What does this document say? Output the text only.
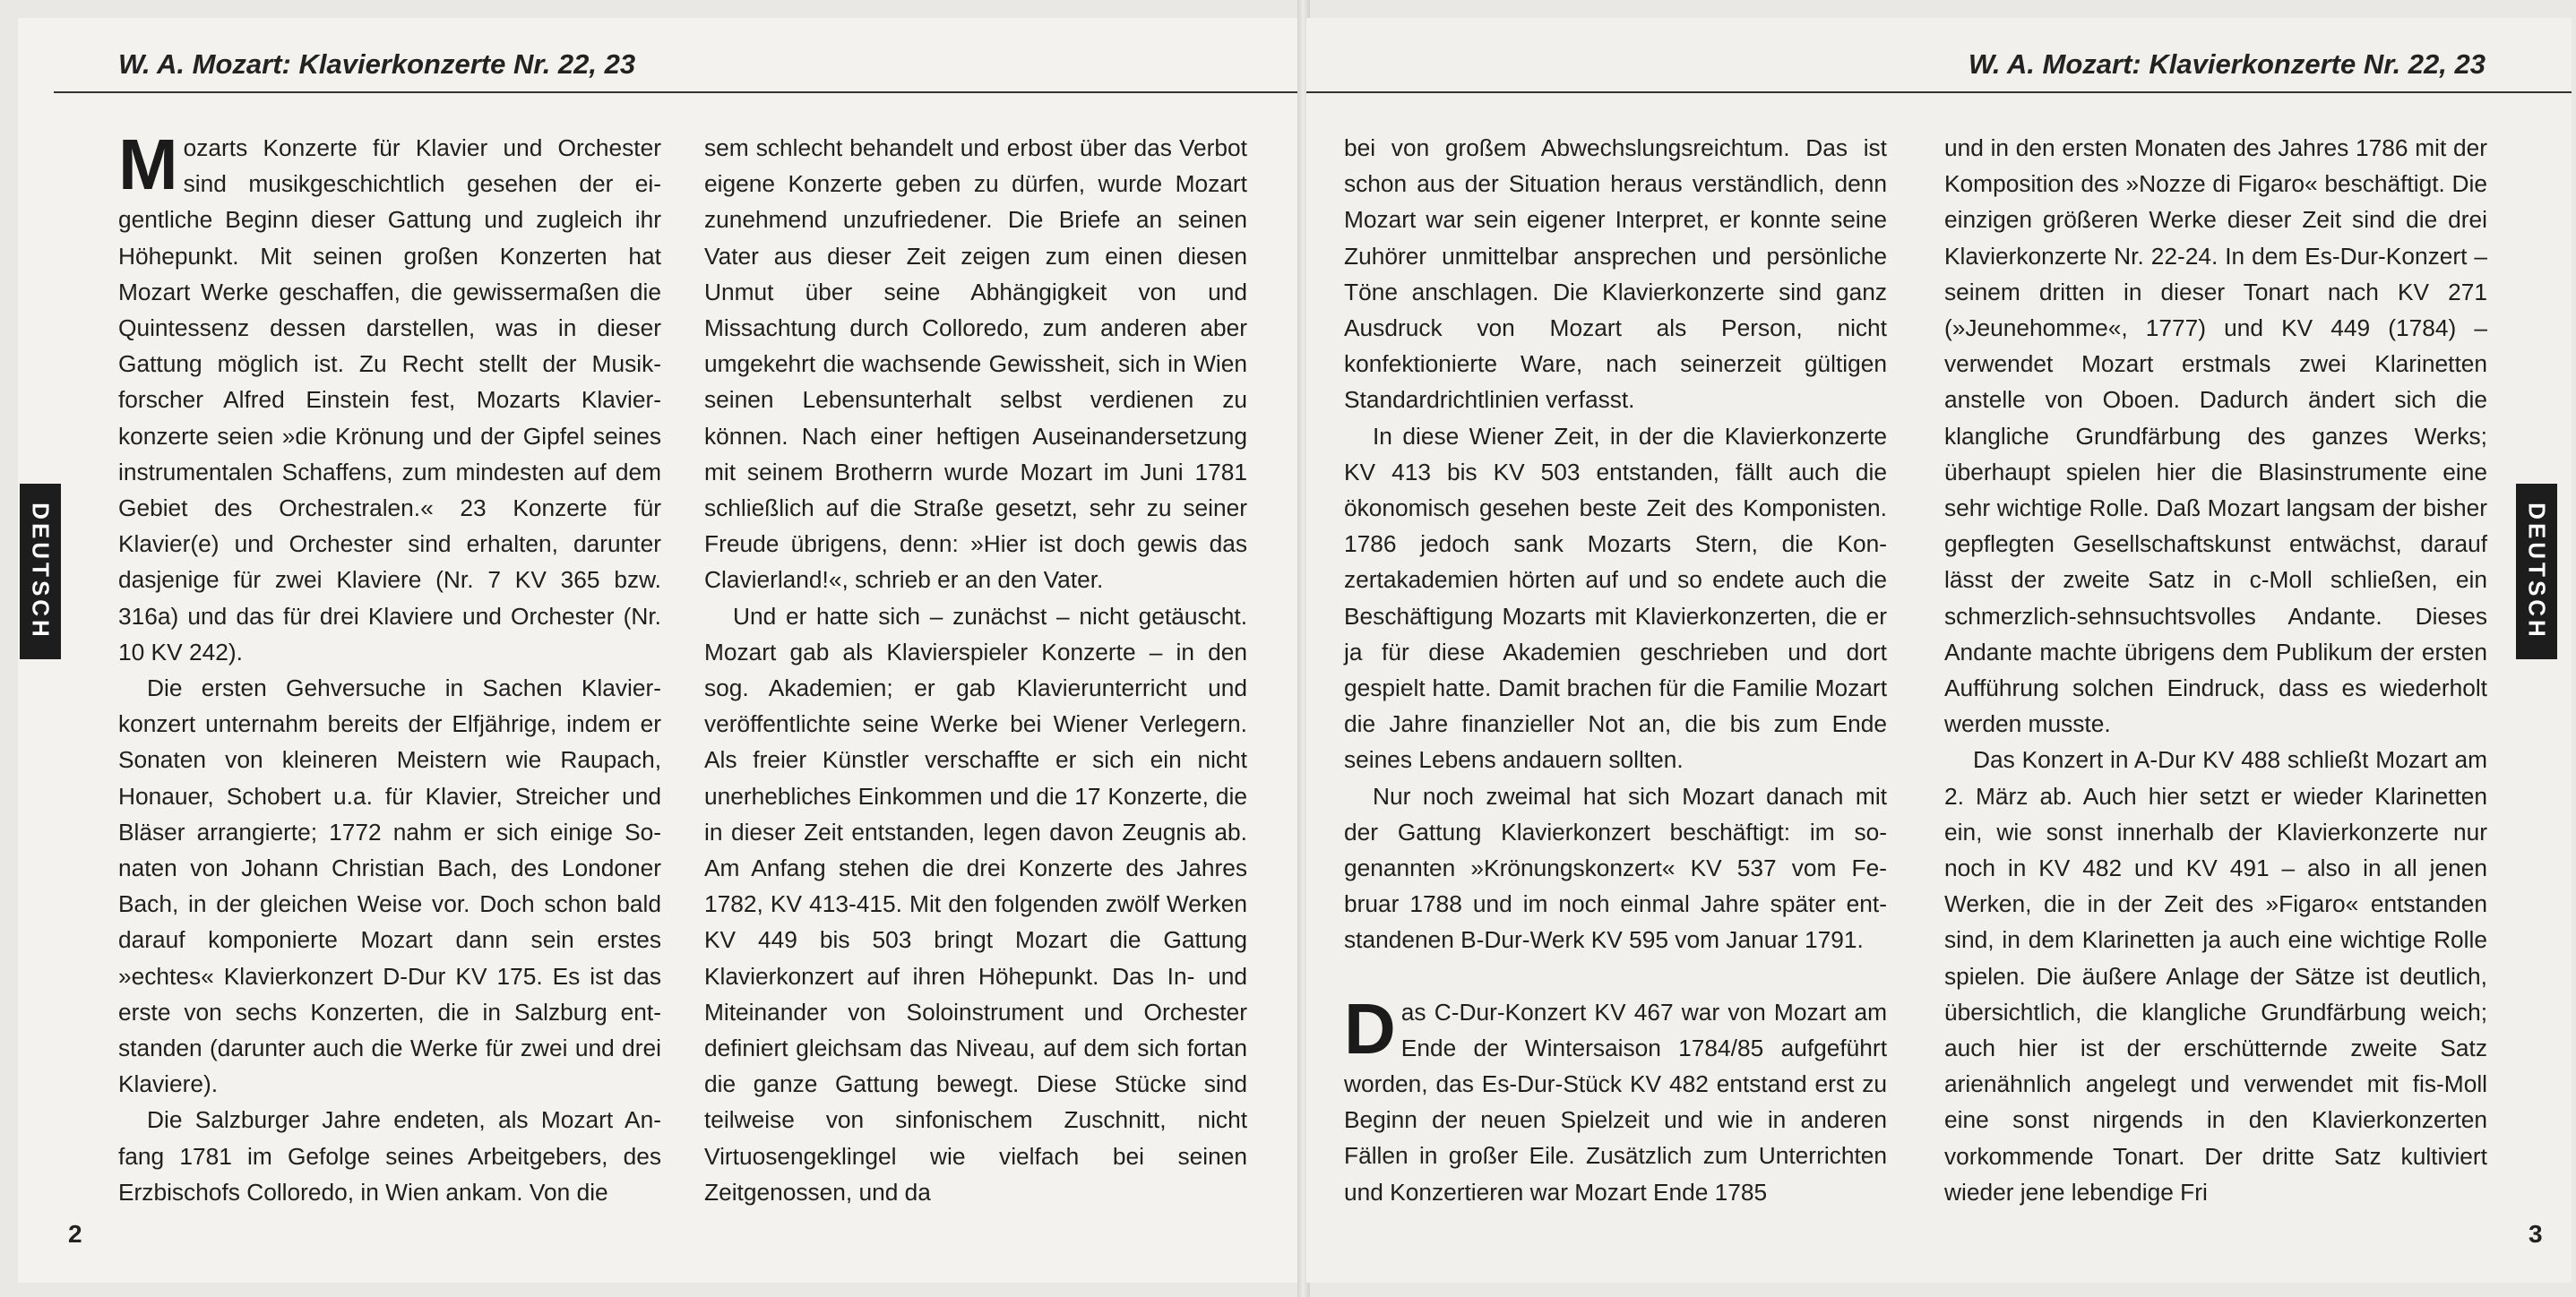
W. A. Mozart: Klavierkonzerte Nr. 22, 23
DEUTSCH

Mozarts Konzerte für Klavier und Orchester sind musikgeschichtlich gesehen der eigentliche Beginn dieser Gattung und zugleich ihr Höhepunkt. Mit seinen großen Konzerten hat Mozart Werke geschaffen, die gewissermaßen die Quintessenz dessen darstellen, was in dieser Gattung möglich ist. Zu Recht stellt der Musikforscher Alfred Einstein fest, Mozarts Klavierkonzerte seien »die Krönung und der Gipfel seines instrumentalen Schaffens, zum mindesten auf dem Gebiet des Orchestralen.« 23 Konzerte für Klavier(e) und Orchester sind erhalten, darunter dasjenige für zwei Klaviere (Nr. 7 KV 365 bzw. 316a) und das für drei Klaviere und Orchester (Nr. 10 KV 242).

Die ersten Gehversuche in Sachen Klavierkonzert unternahm bereits der Elfjährige, indem er Sonaten von kleineren Meistern wie Raupach, Honauer, Schobert u.a. für Klavier, Streicher und Bläser arrangierte; 1772 nahm er sich einige Sonaten von Johann Christian Bach, des Londoner Bach, in der gleichen Weise vor. Doch schon bald darauf komponierte Mozart dann sein erstes »echtes« Klavierkonzert D-Dur KV 175. Es ist das erste von sechs Konzerten, die in Salzburg entstanden (darunter auch die Werke für zwei und drei Klaviere).

Die Salzburger Jahre endeten, als Mozart Anfang 1781 im Gefolge seines Arbeitgebers, des Erzbischofs Colloredo, in Wien ankam. Von die

sem schlecht behandelt und erbost über das Verbot eigene Konzerte geben zu dürfen, wurde Mozart zunehmend unzufriedener. Die Briefe an seinen Vater aus dieser Zeit zeigen zum einen diesen Unmut über seine Abhängigkeit von und Missachtung durch Colloredo, zum anderen aber umgekehrt die wachsende Gewissheit, sich in Wien seinen Lebensunterhalt selbst verdienen zu können. Nach einer heftigen Auseinandersetzung mit seinem Brotherrn wurde Mozart im Juni 1781 schließlich auf die Straße gesetzt, sehr zu seiner Freude übrigens, denn: »Hier ist doch gewis das Clavierland!«, schrieb er an den Vater.

Und er hatte sich – zunächst – nicht getäuscht. Mozart gab als Klavierspieler Konzerte – in den sog. Akademien; er gab Klavierunterricht und veröffentlichte seine Werke bei Wiener Verlegern. Als freier Künstler verschaffte er sich ein nicht unerhebliches Einkommen und die 17 Konzerte, die in dieser Zeit entstanden, legen davon Zeugnis ab. Am Anfang stehen die drei Konzerte des Jahres 1782, KV 413-415. Mit den folgenden zwölf Werken KV 449 bis 503 bringt Mozart die Gattung Klavierkonzert auf ihren Höhepunkt. Das In- und Miteinander von Soloinstrument und Orchester definiert gleichsam das Niveau, auf dem sich fortan die ganze Gattung bewegt. Diese Stücke sind teilweise von sinfonischem Zuschnitt, nicht Virtuosengeklingel wie vielfach bei seinen Zeitgenossen, und da

2
W. A. Mozart: Klavierkonzerte Nr. 22, 23
DEUTSCH

bei von großem Abwechslungsreichtum. Das ist schon aus der Situation heraus verständlich, denn Mozart war sein eigener Interpret, er konnte seine Zuhörer unmittelbar ansprechen und persönliche Töne anschlagen. Die Klavierkonzerte sind ganz Ausdruck von Mozart als Person, nicht konfektionierte Ware, nach seinerzeit gültigen Standardrichtlinien verfasst.

In diese Wiener Zeit, in der die Klavierkonzerte KV 413 bis KV 503 entstanden, fällt auch die ökonomisch gesehen beste Zeit des Komponisten. 1786 jedoch sank Mozarts Stern, die Konzertakademien hörten auf und so endete auch die Beschäftigung Mozarts mit Klavierkonzerten, die er ja für diese Akademien geschrieben und dort gespielt hatte. Damit brachen für die Familie Mozart die Jahre finanzieller Not an, die bis zum Ende seines Lebens andauern sollten.

Nur noch zweimal hat sich Mozart danach mit der Gattung Klavierkonzert beschäftigt: im sogenannten »Krönungskonzert« KV 537 vom Februar 1788 und im noch einmal Jahre später entstandenen B-Dur-Werk KV 595 vom Januar 1791.

Das C-Dur-Konzert KV 467 war von Mozart am Ende der Wintersaison 1784/85 aufgeführt worden, das Es-Dur-Stück KV 482 entstand erst zu Beginn der neuen Spielzeit und wie in anderen Fällen in großer Eile. Zusätzlich zum Unterrichten und Konzertieren war Mozart Ende 1785

und in den ersten Monaten des Jahres 1786 mit der Komposition des »Nozze di Figaro« beschäftigt. Die einzigen größeren Werke dieser Zeit sind die drei Klavierkonzerte Nr. 22-24. In dem Es-Dur-Konzert – seinem dritten in dieser Tonart nach KV 271 (»Jeunehomme«, 1777) und KV 449 (1784) – verwendet Mozart erstmals zwei Klarinetten anstelle von Oboen. Dadurch ändert sich die klangliche Grundfärbung des ganzes Werks; überhaupt spielen hier die Blasinstrumente eine sehr wichtige Rolle. Daß Mozart langsam der bisher gepflegten Gesellschaftskunst entwächst, darauf lässt der zweite Satz in c-Moll schließen, ein schmerzlich-sehnsuchtsvolles Andante. Dieses Andante machte übrigens dem Publikum der ersten Aufführung solchen Eindruck, dass es wiederholt werden musste.

Das Konzert in A-Dur KV 488 schließt Mozart am 2. März ab. Auch hier setzt er wieder Klarinetten ein, wie sonst innerhalb der Klavierkonzerte nur noch in KV 482 und KV 491 – also in all jenen Werken, die in der Zeit des »Figaro« entstanden sind, in dem Klarinetten ja auch eine wichtige Rolle spielen. Die äußere Anlage der Sätze ist deutlich, übersichtlich, die klangliche Grundfärbung weich; auch hier ist der erschütternde zweite Satz arienähnlich angelegt und verwendet mit fis-Moll eine sonst nirgends in den Klavierkonzerten vorkommende Tonart. Der dritte Satz kultiviert wieder jene lebendige Fri

3
